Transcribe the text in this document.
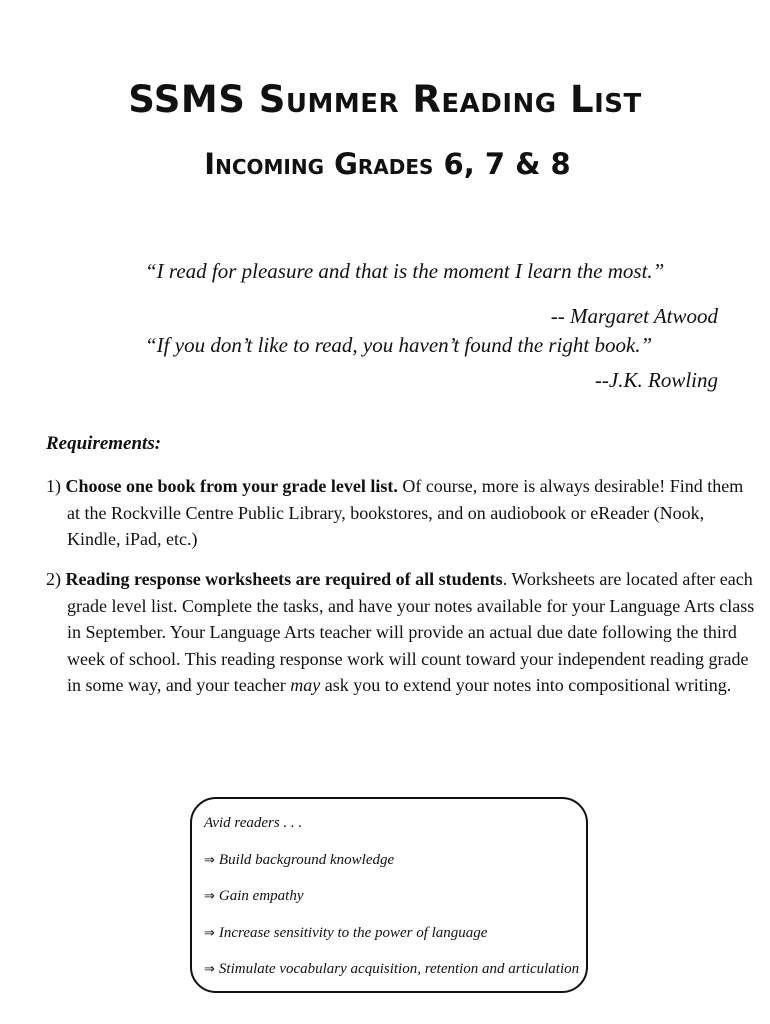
SSMS Summer Reading List
Incoming Grades 6, 7 & 8

“I read for pleasure and that is the moment I learn the most.”

-- Margaret Atwood

“If you don’t like to read, you haven’t found the right book.”

--J.K. Rowling

Requirements:

1) Choose one book from your grade level list. Of course, more is always desirable! Find them at the Rockville Centre Public Library, bookstores, and on audiobook or eReader (Nook, Kindle, iPad, etc.)

2) Reading response worksheets are required of all students. Worksheets are located after each grade level list. Complete the tasks, and have your notes available for your Language Arts class in September. Your Language Arts teacher will provide an actual due date following the third week of school. This reading response work will count toward your independent reading grade in some way, and your teacher may ask you to extend your notes into compositional writing.

Avid readers . . .

⇒ Build background knowledge

⇒ Gain empathy

⇒ Increase sensitivity to the power of language

⇒ Stimulate vocabulary acquisition, retention and articulation
